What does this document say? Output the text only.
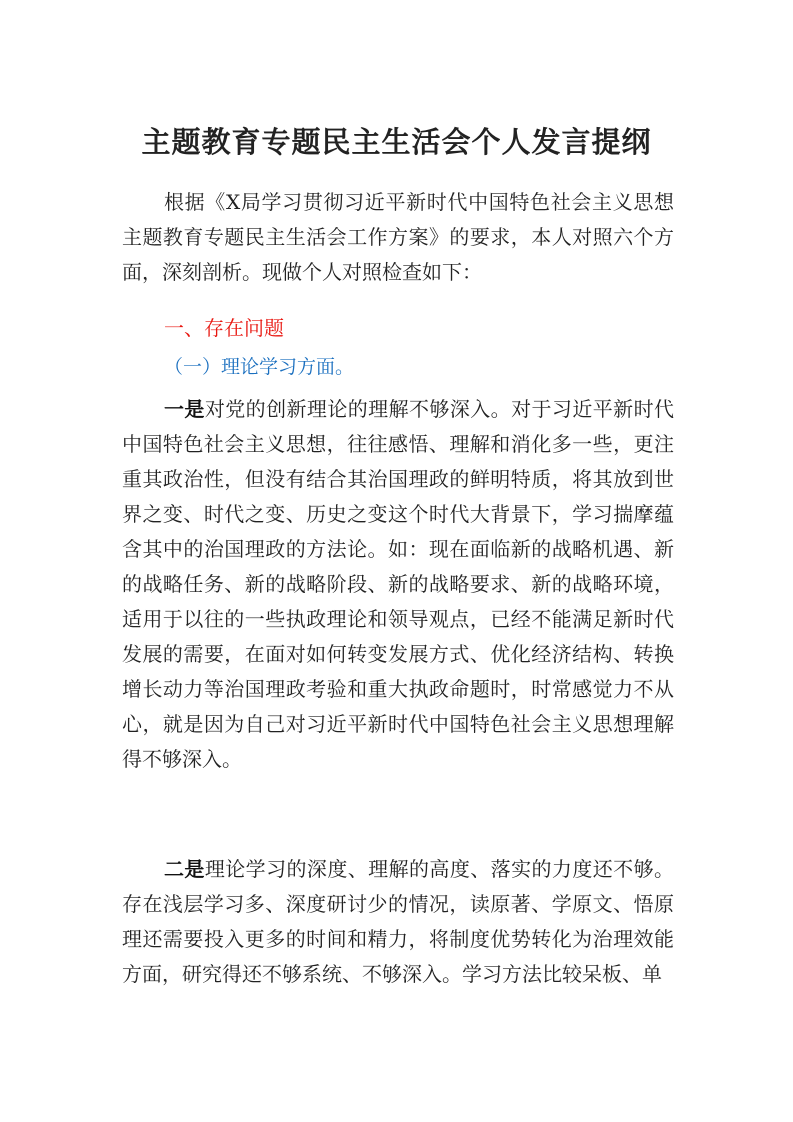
主题教育专题民主生活会个人发言提纲

根据《X局学习贯彻习近平新时代中国特色社会主义思想主题教育专题民主生活会工作方案》的要求，本人对照六个方面，深刻剖析。现做个人对照检查如下：

一、存在问题
（一）理论学习方面。

一是对党的创新理论的理解不够深入。对于习近平新时代中国特色社会主义思想，往往感悟、理解和消化多一些，更注重其政治性，但没有结合其治国理政的鲜明特质，将其放到世界之变、时代之变、历史之变这个时代大背景下，学习揣摩蕴含其中的治国理政的方法论。如：现在面临新的战略机遇、新的战略任务、新的战略阶段、新的战略要求、新的战略环境，适用于以往的一些执政理论和领导观点，已经不能满足新时代发展的需要，在面对如何转变发展方式、优化经济结构、转换增长动力等治国理政考验和重大执政命题时，时常感觉力不从心，就是因为自己对习近平新时代中国特色社会主义思想理解得不够深入。

二是理论学习的深度、理解的高度、落实的力度还不够。存在浅层学习多、深度研讨少的情况，读原著、学原文、悟原理还需要投入更多的时间和精力，将制度优势转化为治理效能方面，研究得还不够系统、不够深入。学习方法比较呆板、单
